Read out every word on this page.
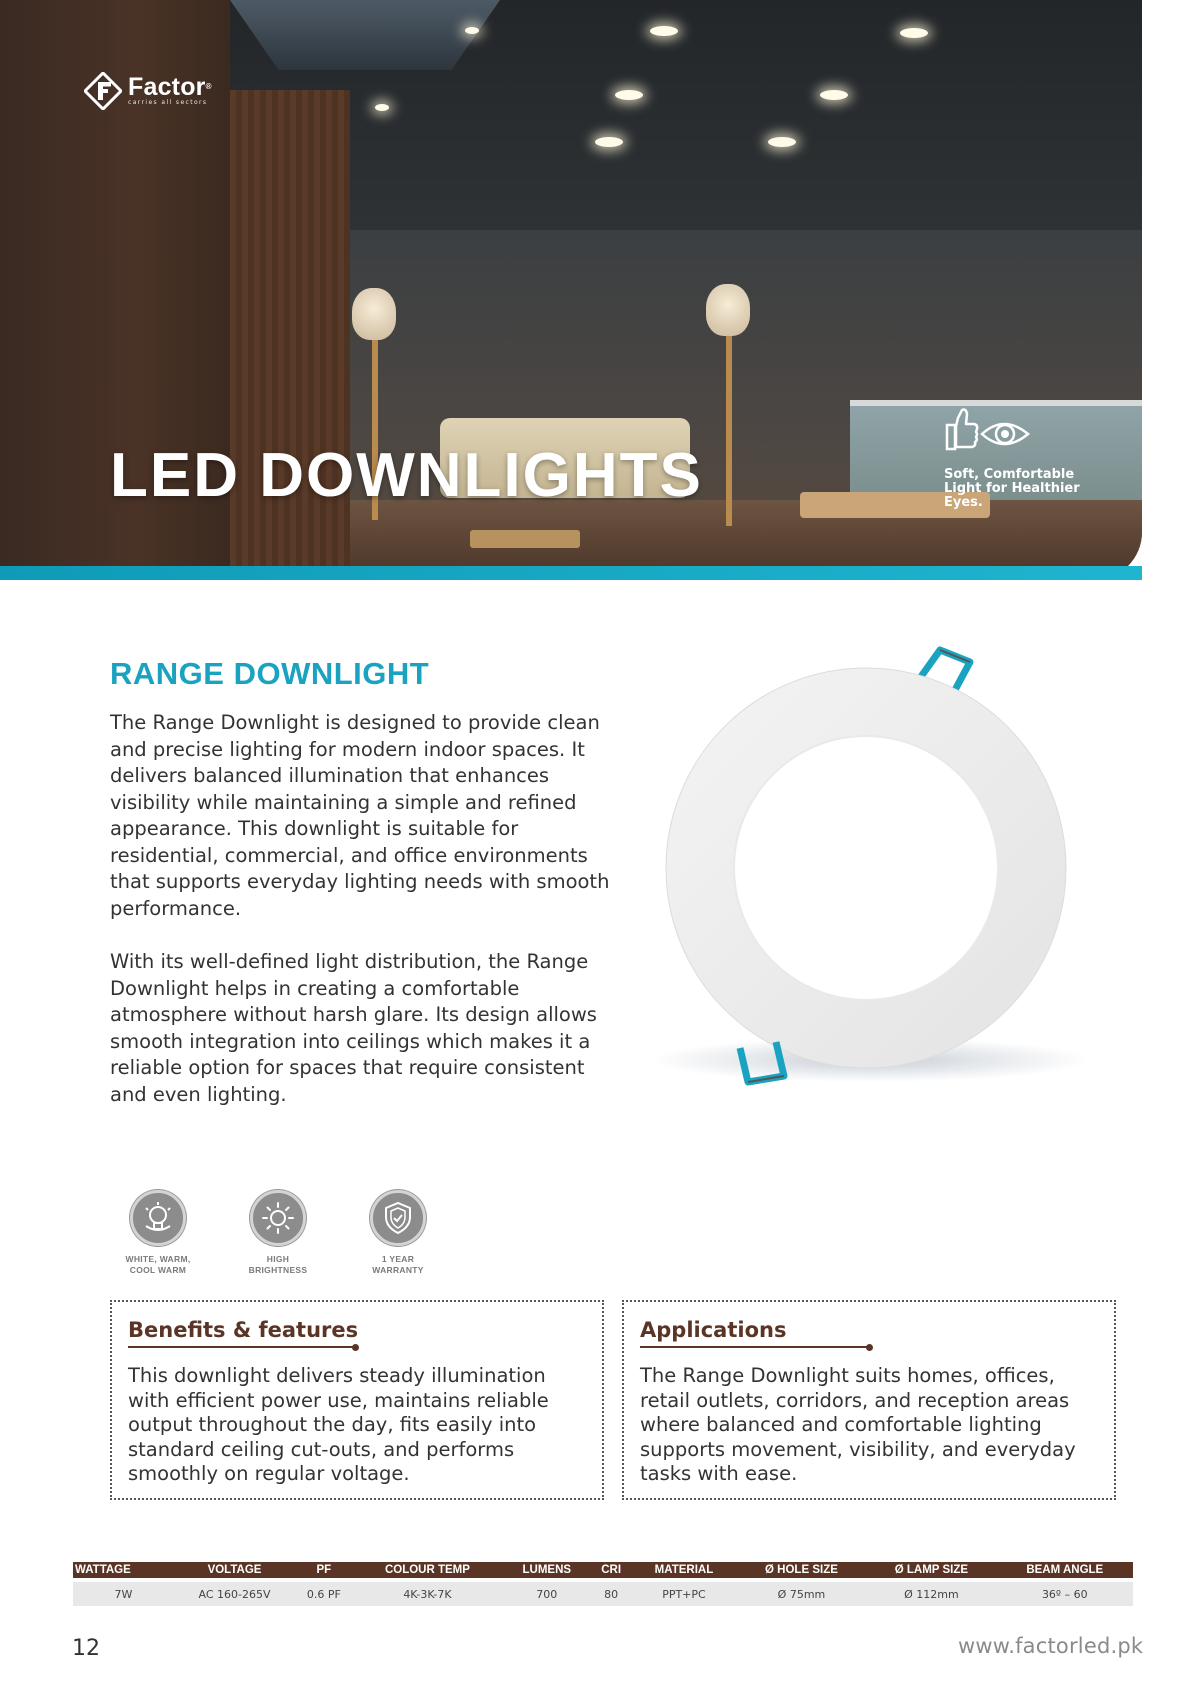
Factor®
carries all sectors
LED DOWNLIGHTS	Soft, Comfortable Light for Healthier Eyes.
RANGE DOWNLIGHT

The Range Downlight is designed to provide clean and precise lighting for modern indoor spaces. It delivers balanced illumination that enhances visibility while maintaining a simple and refined appearance. This downlight is suitable for residential, commercial, and office environments that supports everyday lighting needs with smooth performance.

With its well-defined light distribution, the Range Downlight helps in creating a comfortable atmosphere without harsh glare. Its design allows smooth integration into ceilings which makes it a reliable option for spaces that require consistent and even lighting.

WHITE, WARM,
COOL WARM
HIGH
BRIGHTNESS
1 YEAR
WARRANTY
Benefits & features
This downlight delivers steady illumination with efficient power use, maintains reliable output throughout the day, fits easily into standard ceiling cut-outs, and performs smoothly on regular voltage.
Applications
The Range Downlight suits homes, offices, retail outlets, corridors, and reception areas where balanced and comfortable lighting supports movement, visibility, and everyday tasks with ease.
WATTAGE	VOLTAGE	PF	COLOUR TEMP	LUMENS	CRI	MATERIAL	Ø HOLE SIZE	Ø LAMP SIZE	BEAM ANGLE
7W	AC 160-265V	0.6 PF	4K-3K-7K	700	80	PPT+PC	Ø 75mm	Ø 112mm	36º – 60
12	www.factorled.pk
